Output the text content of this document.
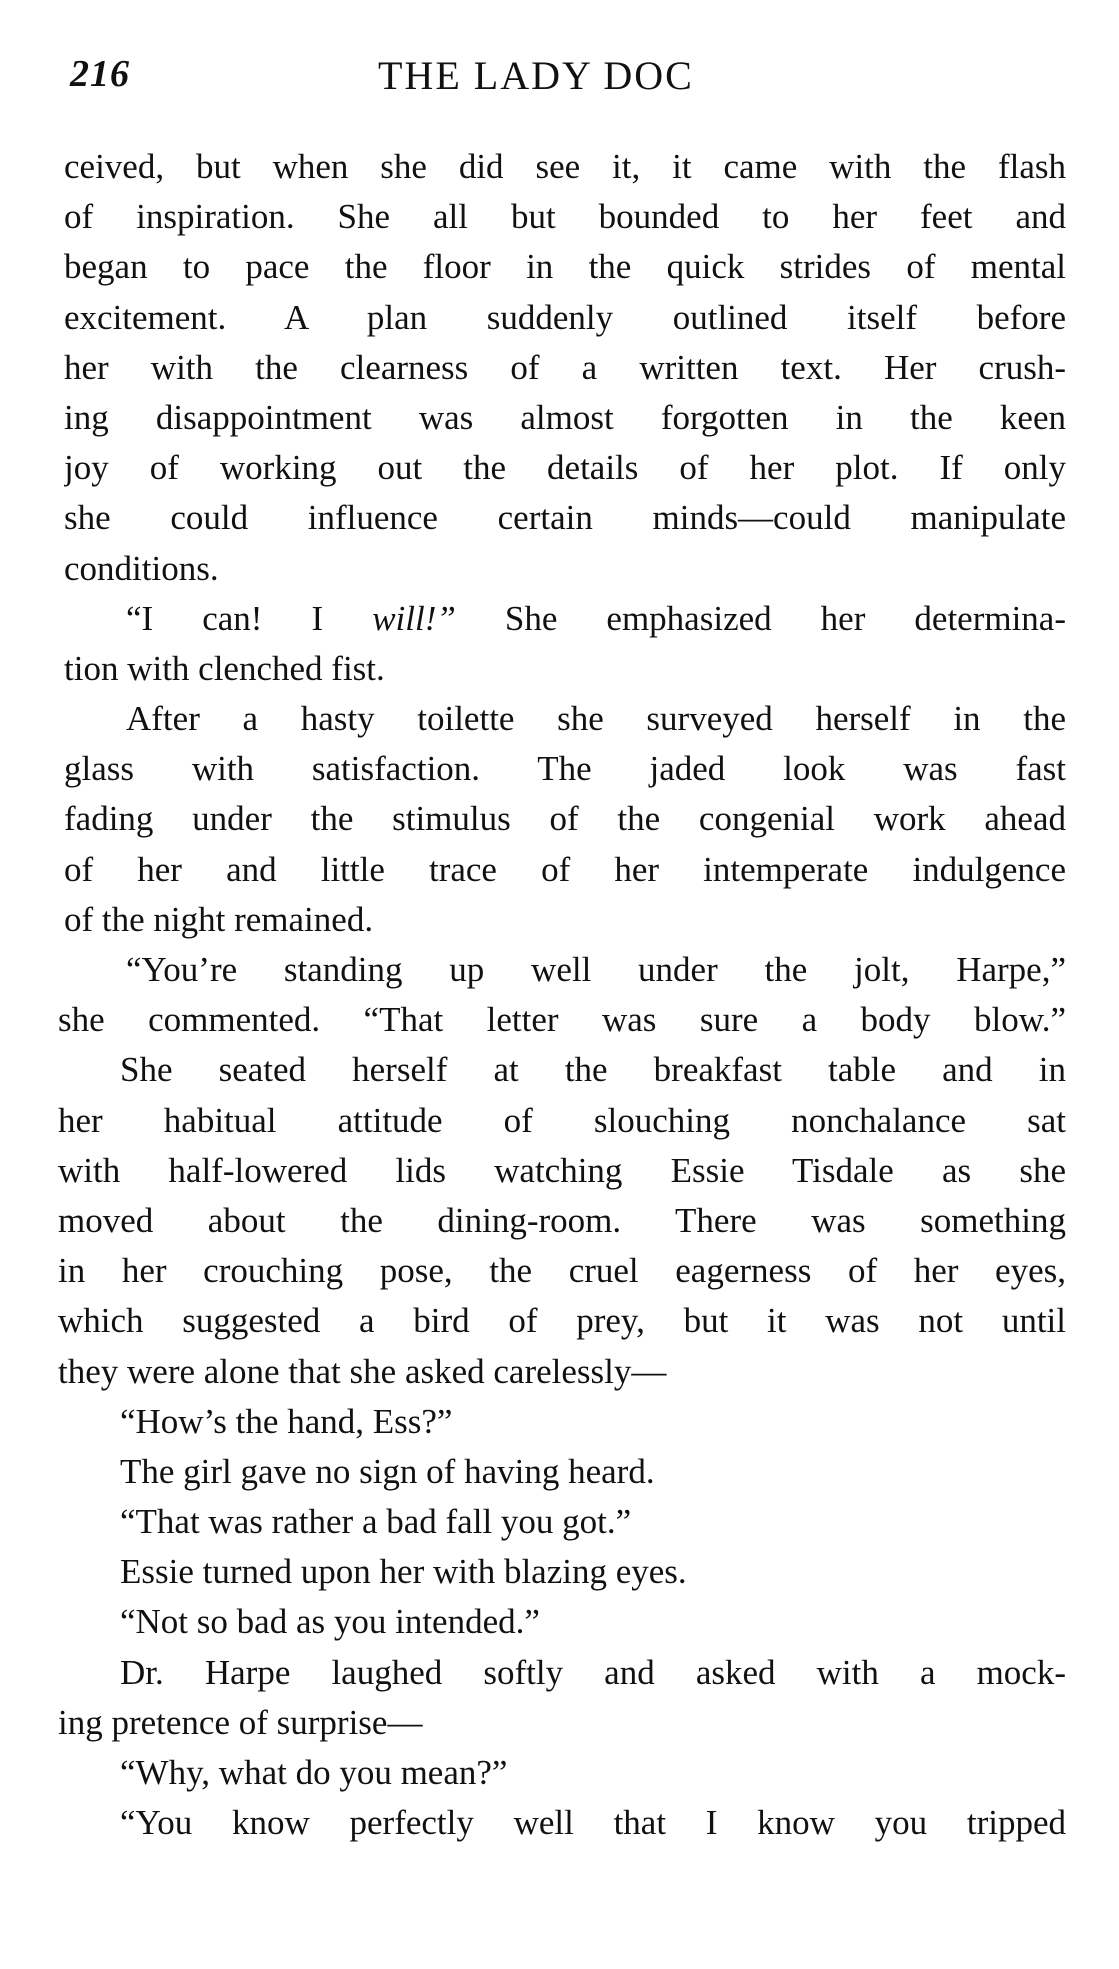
216	THE LADY DOC
ceived, but when she did see it, it came with the flash
of inspiration. She all but bounded to her feet and
began to pace the floor in the quick strides of mental
excitement. A plan suddenly outlined itself before
her with the clearness of a written text. Her crush-
ing disappointment was almost forgotten in the keen
joy of working out the details of her plot. If only
she could influence certain minds—could manipulate
conditions.
“I can! I will!” She emphasized her determina-
tion with clenched fist.
After a hasty toilette she surveyed herself in the
glass with satisfaction. The jaded look was fast
fading under the stimulus of the congenial work ahead
of her and little trace of her intemperate indulgence
of the night remained.
“You’re standing up well under the jolt, Harpe,”
she commented. “That letter was sure a body blow.”
She seated herself at the breakfast table and in
her habitual attitude of slouching nonchalance sat
with half-lowered lids watching Essie Tisdale as she
moved about the dining-room. There was something
in her crouching pose, the cruel eagerness of her eyes,
which suggested a bird of prey, but it was not until
they were alone that she asked carelessly—
“How’s the hand, Ess?”
The girl gave no sign of having heard.
“That was rather a bad fall you got.”
Essie turned upon her with blazing eyes.
“Not so bad as you intended.”
Dr. Harpe laughed softly and asked with a mock-
ing pretence of surprise—
“Why, what do you mean?”
“You know perfectly well that I know you tripped
